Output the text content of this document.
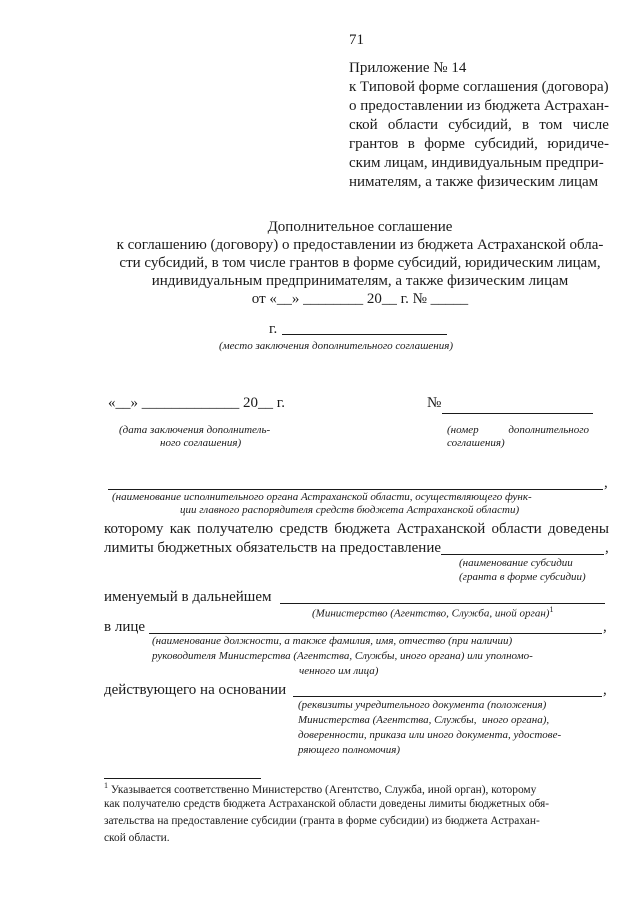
71
Приложение № 14
к Типовой форме соглашения (договора)
о предоставлении из бюджета Астрахан-
ской области субсидий, в том числе
грантов в форме субсидий, юридиче-
ским лицам, индивидуальным предпри-
нимателям, а также физическим лицам
Дополнительное соглашение
к соглашению (договору) о предоставлении из бюджета Астраханской обла-
сти субсидий, в том числе грантов в форме субсидий, юридическим лицам,
индивидуальным предпринимателям, а также физическим лицам
от «__» ________ 20__ г. № _____
г.
(место заключения дополнительного соглашения)
«__» _____________ 20__ г.
(дата заключения дополнитель-
ного соглашения)
№
(номер	дополнительного
соглашения)
,
(наименование исполнительного органа Астраханской области, осуществляющего функ-
ции главного распорядителя средств бюджета Астраханской области)
которому как получателю средств бюджета Астраханской области доведены
лимиты бюджетных обязательств на предоставление	,
(наименование субсидии
(гранта в форме субсидии)
именуемый в дальнейшем
(Министерство (Агентство, Служба, иной орган)$^1$
в лице	,
(наименование должности, а также фамилия, имя, отчество (при наличии)
руководителя Министерства (Агентства, Службы, иного органа) или уполномо-
ченного им лица)
действующего на основании	,
(реквизиты учредительного документа (положения)
Министерства (Агентства, Службы,  иного органа),
доверенности, приказа или иного документа, удостове-
ряющего полномочия)
$^1$ Указывается соответственно Министерство (Агентство, Служба, иной орган), которому
как получателю средств бюджета Астраханской области доведены лимиты бюджетных обя-
зательства на предоставление субсидии (гранта в форме субсидии) из бюджета Астрахан-
ской области.
